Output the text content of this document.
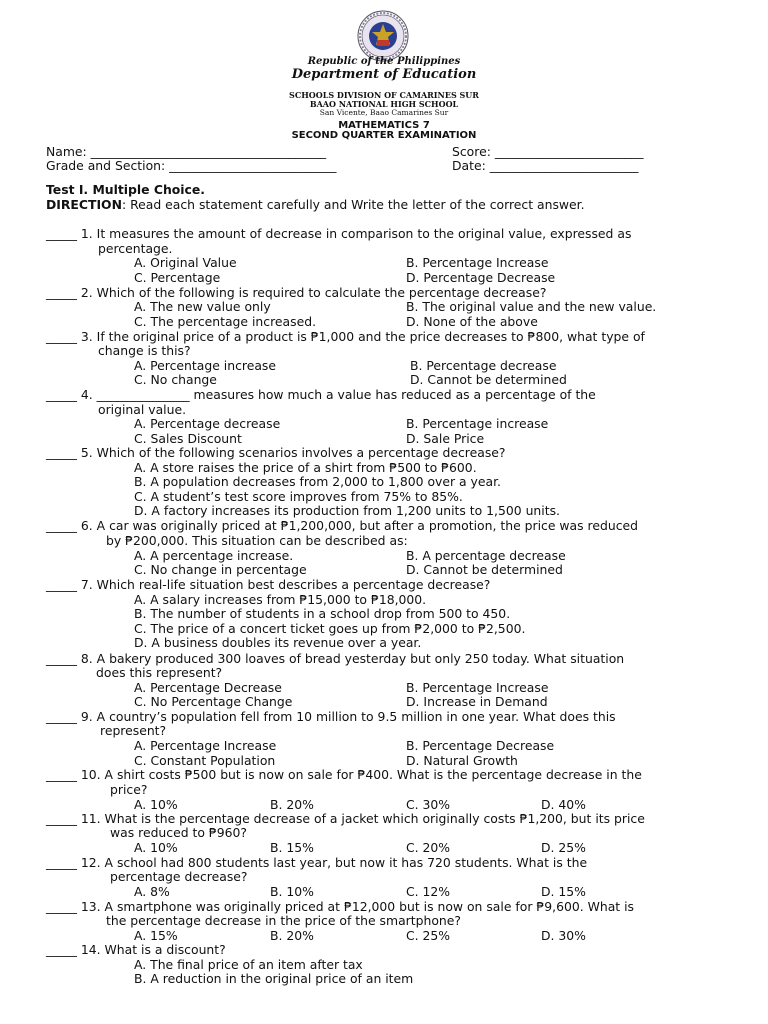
Republic of the Philippines
Department of Education
SCHOOLS DIVISION OF CAMARINES SUR
BAAO NATIONAL HIGH SCHOOL
San Vicente, Baao Camarines Sur
MATHEMATICS 7
SECOND QUARTER EXAMINATION
Name: ______________________________________	Score: ________________________
Grade and Section: ___________________________	Date: ________________________
Test I. Multiple Choice.
DIRECTION: Read each statement carefully and Write the letter of the correct answer.
_____ 1. It measures the amount of decrease in comparison to the original value, expressed as
percentage.
A. Original Value	B. Percentage Increase
C. Percentage	D. Percentage Decrease
_____ 2. Which of the following is required to calculate the percentage decrease?
A. The new value only	B. The original value and the new value.
C. The percentage increased.	D. None of the above
_____ 3. If the original price of a product is ₱1,000 and the price decreases to ₱800, what type of
change is this?
A. Percentage increase	B. Percentage decrease
C. No change	D. Cannot be determined
_____ 4. _______________ measures how much a value has reduced as a percentage of the
original value.
A. Percentage decrease	B. Percentage increase
C. Sales Discount	D. Sale Price
_____ 5. Which of the following scenarios involves a percentage decrease?
A. A store raises the price of a shirt from ₱500 to ₱600.
B. A population decreases from 2,000 to 1,800 over a year.
C. A student’s test score improves from 75% to 85%.
D. A factory increases its production from 1,200 units to 1,500 units.
_____ 6. A car was originally priced at ₱1,200,000, but after a promotion, the price was reduced
by ₱200,000. This situation can be described as:
A. A percentage increase.	B. A percentage decrease
C. No change in percentage	D. Cannot be determined
_____ 7. Which real-life situation best describes a percentage decrease?
A. A salary increases from ₱15,000 to ₱18,000.
B. The number of students in a school drop from 500 to 450.
C. The price of a concert ticket goes up from ₱2,000 to ₱2,500.
D. A business doubles its revenue over a year.
_____ 8. A bakery produced 300 loaves of bread yesterday but only 250 today. What situation
does this represent?
A. Percentage Decrease	B. Percentage Increase
C. No Percentage Change	D. Increase in Demand
_____ 9. A country’s population fell from 10 million to 9.5 million in one year. What does this
represent?
A. Percentage Increase	B. Percentage Decrease
C. Constant Population	D. Natural Growth
_____ 10. A shirt costs ₱500 but is now on sale for ₱400. What is the percentage decrease in the
price?
A. 10%	B. 20%	C. 30%	D. 40%
_____ 11. What is the percentage decrease of a jacket which originally costs ₱1,200, but its price
was reduced to ₱960?
A. 10%	B. 15%	C. 20%	D. 25%
_____ 12. A school had 800 students last year, but now it has 720 students. What is the
percentage decrease?
A. 8%	B. 10%	C. 12%	D. 15%
_____ 13. A smartphone was originally priced at ₱12,000 but is now on sale for ₱9,600. What is
the percentage decrease in the price of the smartphone?
A. 15%	B. 20%	C. 25%	D. 30%
_____ 14. What is a discount?
A. The final price of an item after tax
B. A reduction in the original price of an item
